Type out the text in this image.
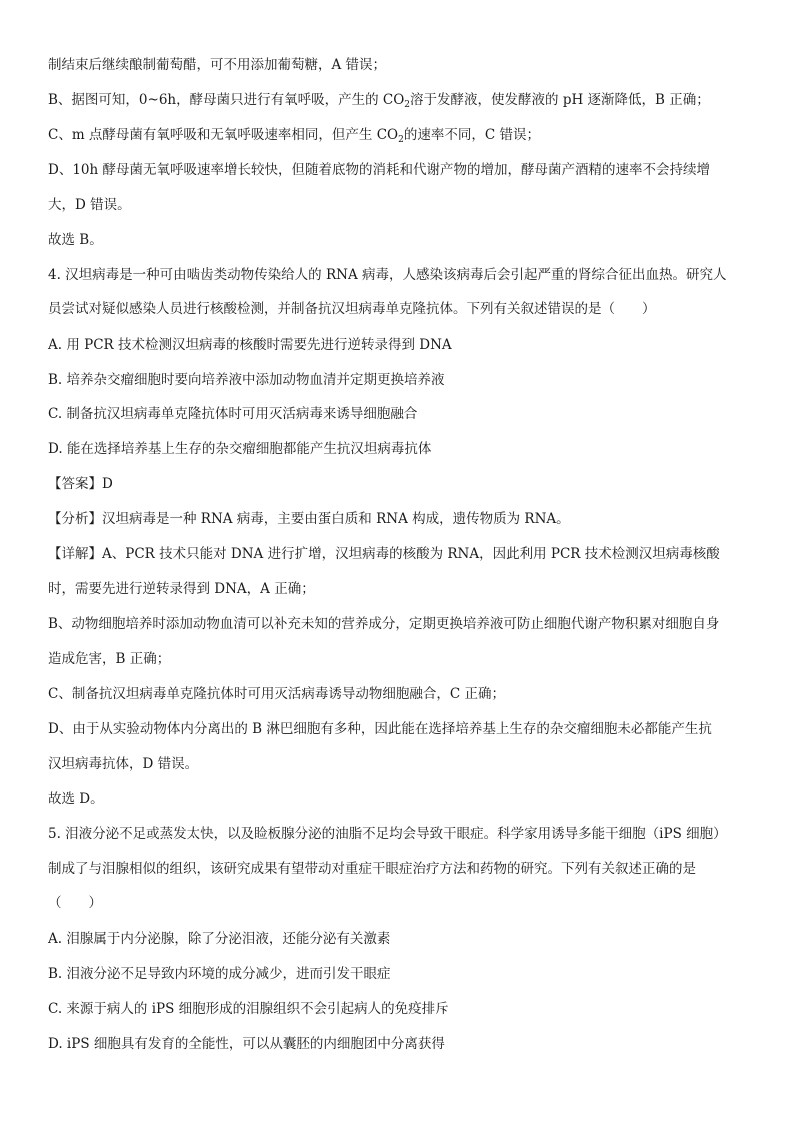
制结束后继续酿制葡萄醋，可不用添加葡萄糖，A 错误；
B、据图可知，0~6h，酵母菌只进行有氧呼吸，产生的 $CO_2$溶于发酵液，使发酵液的 pH 逐渐降低，B 正确；
C、m 点酵母菌有氧呼吸和无氧呼吸速率相同，但产生 $CO_2$的速率不同，C 错误；
D、10h 酵母菌无氧呼吸速率增长较快，但随着底物的消耗和代谢产物的增加，酵母菌产酒精的速率不会持续增
大，D 错误。
故选 B。
4. 汉坦病毒是一种可由啮齿类动物传染给人的 RNA 病毒，人感染该病毒后会引起严重的肾综合征出血热。研究人
员尝试对疑似感染人员进行核酸检测，并制备抗汉坦病毒单克隆抗体。下列有关叙述错误的是（　　）
A. 用 PCR 技术检测汉坦病毒的核酸时需要先进行逆转录得到 DNA
B. 培养杂交瘤细胞时要向培养液中添加动物血清并定期更换培养液
C. 制备抗汉坦病毒单克隆抗体时可用灭活病毒来诱导细胞融合
D. 能在选择培养基上生存的杂交瘤细胞都能产生抗汉坦病毒抗体
【答案】D
【分析】汉坦病毒是一种 RNA 病毒，主要由蛋白质和 RNA 构成，遗传物质为 RNA。
【详解】A、PCR 技术只能对 DNA 进行扩增，汉坦病毒的核酸为 RNA，因此利用 PCR 技术检测汉坦病毒核酸
时，需要先进行逆转录得到 DNA，A 正确；
B、动物细胞培养时添加动物血清可以补充未知的营养成分，定期更换培养液可防止细胞代谢产物积累对细胞自身
造成危害，B 正确；
C、制备抗汉坦病毒单克隆抗体时可用灭活病毒诱导动物细胞融合，C 正确；
D、由于从实验动物体内分离出的 B 淋巴细胞有多种，因此能在选择培养基上生存的杂交瘤细胞未必都能产生抗
汉坦病毒抗体，D 错误。
故选 D。
5. 泪液分泌不足或蒸发太快，以及睑板腺分泌的油脂不足均会导致干眼症。科学家用诱导多能干细胞（iPS 细胞）
制成了与泪腺相似的组织，该研究成果有望带动对重症干眼症治疗方法和药物的研究。下列有关叙述正确的是
（　　）
A. 泪腺属于内分泌腺，除了分泌泪液，还能分泌有关激素
B. 泪液分泌不足导致内环境的成分减少，进而引发干眼症
C. 来源于病人的 iPS 细胞形成的泪腺组织不会引起病人的免疫排斥
D. iPS 细胞具有发育的全能性，可以从囊胚的内细胞团中分离获得
